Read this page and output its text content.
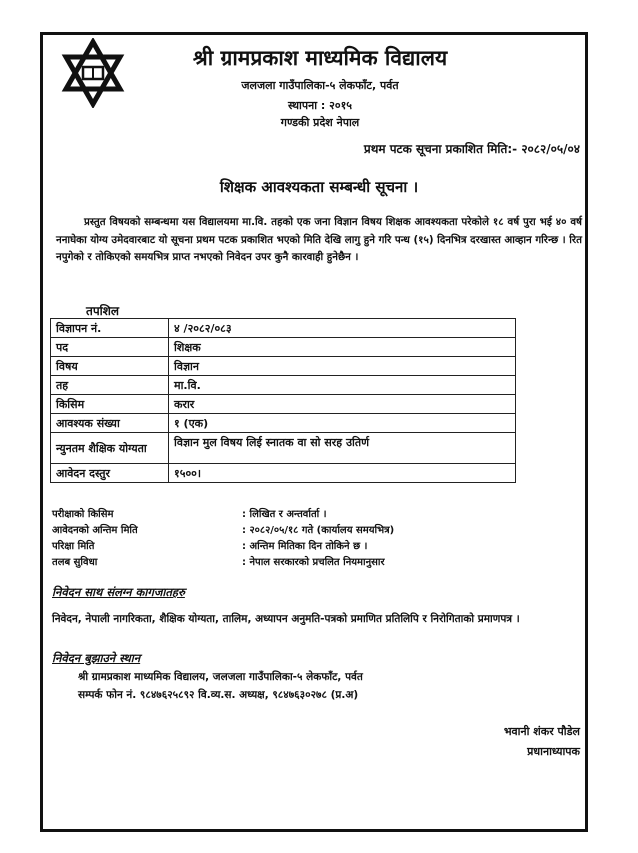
श्री ग्रामप्रकाश माध्यमिक विद्यालय
जलजला गाउँपालिका-५ लेकफाँट, पर्वत
स्थापना : २०१५
गण्डकी प्रदेश नेपाल
प्रथम पटक सूचना प्रकाशित मिति:- २०८२/०५/०४
शिक्षक आवश्यकता सम्बन्धी सूचना ।
प्रस्तुत विषयको सम्बन्धमा यस विद्यालयमा मा.वि. तहको एक जना विज्ञान विषय शिक्षक आवश्यकता परेकोले १८ वर्ष पुरा भई ४० वर्ष ननाघेका योग्य उमेदवारबाट यो सूचना प्रथम पटक प्रकाशित भएको मिति देखि लागु हुने गरि पन्ध (१५) दिनभित्र दरखास्त आव्हान गरिन्छ । रित नपुगेको र तोकिएको समयभित्र प्राप्त नभएको निवेदन उपर कुनै कारवाही हुनेछैन ।
तपशिल
विज्ञापन नं.	४ /२०८२/०८३
पद	शिक्षक
विषय	विज्ञान
तह	मा.वि.
किसिम	करार
आवश्यक संख्या	१ (एक)
न्युनतम शैक्षिक योग्यता	विज्ञान मुल विषय लिई स्नातक वा सो सरह उतिर्ण
आवेदन दस्तुर	१५००।
परीक्षाको किसिम	: लिखित र अन्तर्वार्ता ।
आवेदनको अन्तिम मिति	: २०८२/०५/१८ गते (कार्यालय समयभित्र)
परिक्षा मिति	: अन्तिम मितिका दिन तोकिने छ ।
तलब सुविधा	: नेपाल सरकारको प्रचलित नियमानुसार
निवेदन साथ संलग्न कागजातहरु
निवेदन, नेपाली नागरिकता, शैक्षिक योग्यता, तालिम, अध्यापन अनुमति-पत्रको प्रमाणित प्रतिलिपि र निरोगिताको प्रमाणपत्र ।
निवेदन बुझाउने स्थान
श्री ग्रामप्रकाश माध्यमिक विद्यालय, जलजला गाउँपालिका-५ लेकफाँट, पर्वत
सम्पर्क फोन नं. ९८४७६२५८९२ वि.व्य.स. अध्यक्ष, ९८४७६३०२७८ (प्र.अ)
भवानी शंकर पौडेल
प्रधानाध्यापक
